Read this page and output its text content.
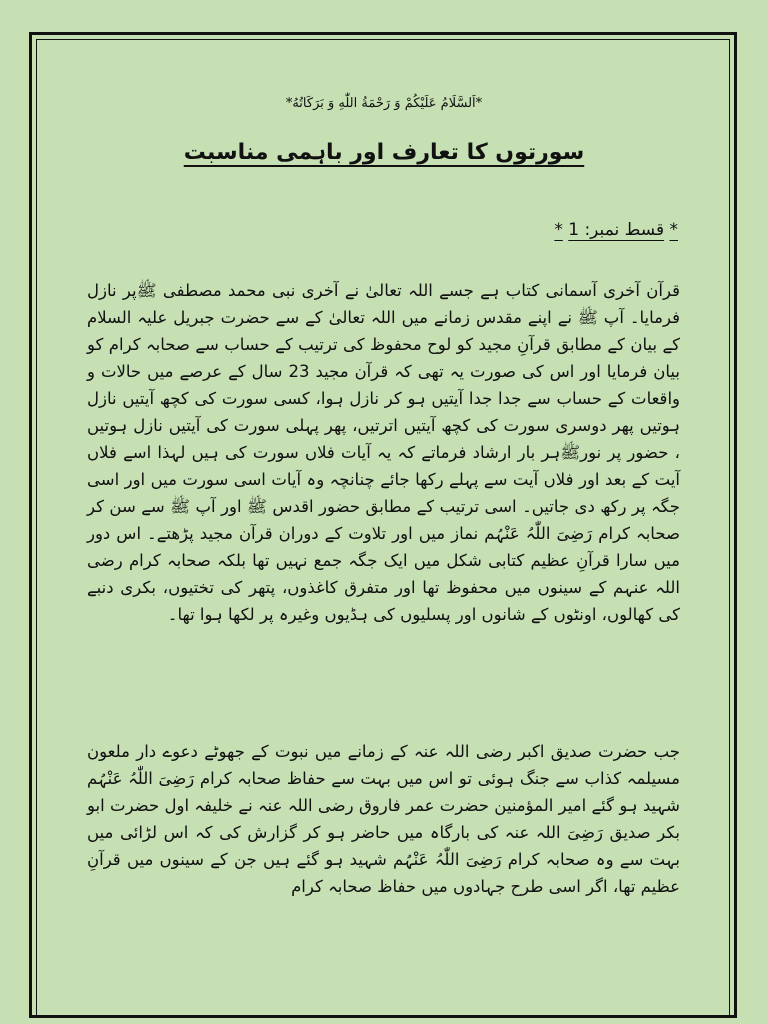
*اَلسَّلَامُ عَلَيْكُمْ وَ رَحْمَةُ اللّٰهِ وَ بَرَكَاتُهُ*
سورتوں کا تعارف اور باہمی مناسبت
* قسط نمبر: 1 *

قرآن آخری آسمانی کتاب ہے جسے اللہ تعالیٰ نے آخری نبی محمد مصطفی ﷺپر نازل فرمایا۔ آپ ﷺ نے اپنے مقدس زمانے میں اللہ تعالیٰ کے سے حضرت جبریل علیہ السلام کے بیان کے مطابق قرآنِ مجید کو لوح محفوظ کی ترتیب کے حساب سے صحابہ کرام کو بیان فرمایا اور اس کی صورت یہ تھی کہ قرآن مجید 23 سال کے عرصے میں حالات و واقعات کے حساب سے جدا جدا آیتیں ہو کر نازل ہوا، کسی سورت کی کچھ آیتیں نازل ہوتیں پھر دوسری سورت کی کچھ آیتیں اترتیں، پھر پہلی سورت کی آیتیں نازل ہوتیں ، حضور پر نورﷺہر بار ارشاد فرماتے کہ یہ آیات فلاں سورت کی ہیں لہذا اسے فلاں آیت کے بعد اور فلاں آیت سے پہلے رکھا جائے چنانچہ وہ آیات اسی سورت میں اور اسی جگہ پر رکھ دی جاتیں۔ اسی ترتیب کے مطابق حضور اقدس ﷺ اور آپ ﷺ سے سن کر صحابہ کرام رَضِیَ اللّٰہُ عَنْہُم نماز میں اور تلاوت کے دوران قرآن مجید پڑھتے۔ اس دور میں سارا قرآنِ عظیم کتابی شکل میں ایک جگہ جمع نہیں تھا بلکہ صحابہ کرام رضی اللہ عنہم کے سینوں میں محفوظ تھا اور متفرق کاغذوں، پتھر کی تختیوں، بکری دنبے کی کھالوں، اونٹوں کے شانوں اور پسلیوں کی ہڈیوں وغیرہ پر لکھا ہوا تھا۔

جب حضرت صدیق اکبر رضی اللہ عنہ کے زمانے میں نبوت کے جھوٹے دعوے دار ملعون مسیلمہ کذاب سے جنگ ہوئی تو اس میں بہت سے حفاظ صحابہ کرام رَضِیَ اللّٰہُ عَنْہُم شہید ہو گئے امیر المؤمنین حضرت عمر فاروق رضی اللہ عنہ نے خلیفہ اول حضرت ابو بکر صدیق رَضِیَ اللہ عنہ کی بارگاہ میں حاضر ہو کر گزارش کی کہ اس لڑائی میں بہت سے وہ صحابہ کرام رَضِیَ اللّٰہُ عَنْہُم شہید ہو گئے ہیں جن کے سینوں میں قرآنِ عظیم تھا، اگر اسی طرح جہادوں میں حفاظ صحابہ کرام
